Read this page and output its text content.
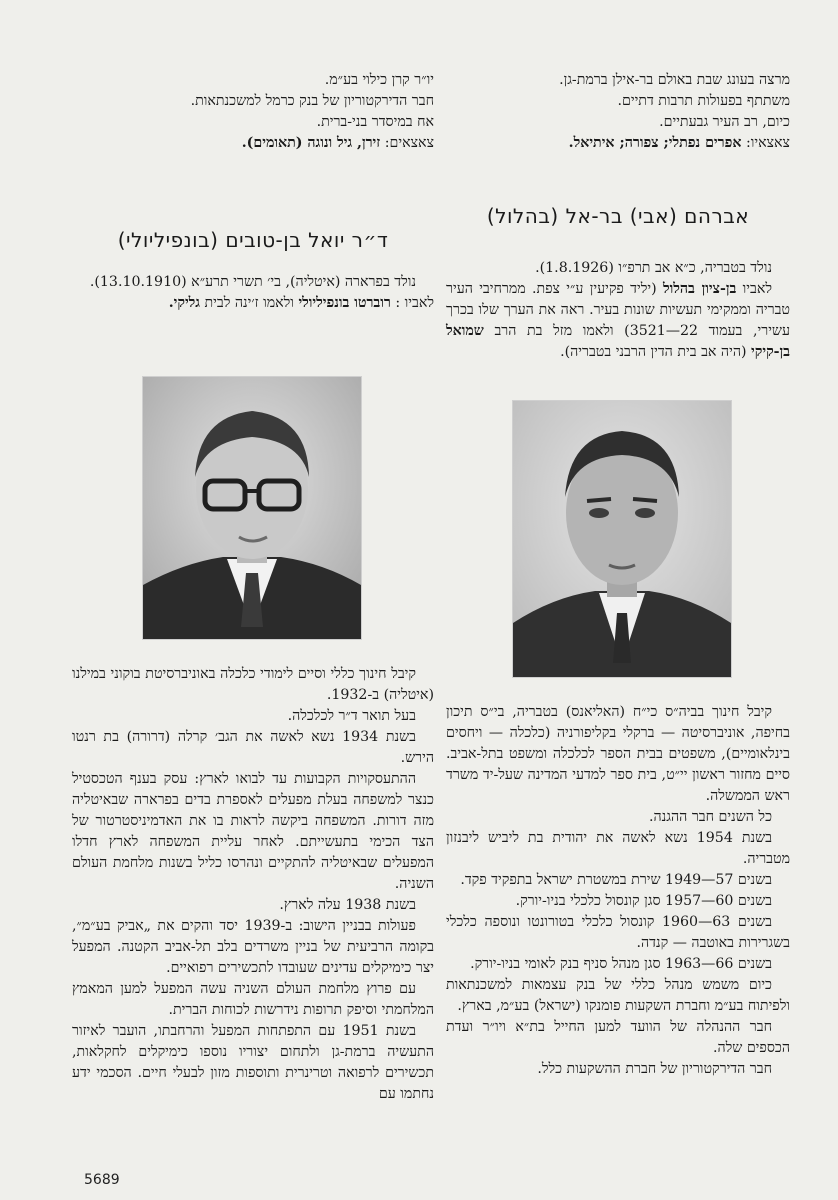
מרצה בעונג שבת באולם בר-אילן ברמת-גן.

משתתף בפעולות תרבות דתיים.

כיום, רב העיר גבעתיים.

צאצאיו: אפרים נפתלי; צפורה; איתיאל.

יו״ר קרן כילוי בע״מ.

חבר הדירקטוריון של בנק כרמל למשכנתאות.

אח במיסדר בני-ברית.

צאצאים: זירן, גיל ונוגה (תאומים).

אברהם (אבי) בר-אל (בהלול)
ד״ר יואל בן-טובים (בונפיליולי)

נולד בטבריה, כ״א אב תרפ״ו (1.8.1926).

לאביו בן-ציון בהלול (יליד פקיעין ע״י צפת. ממרחיבי העיר טבריה וממקימי תעשיות שונות בעיר. ראה את הערך שלו בכרך עשירי, בעמוד 22—3521) ולאמו מזל בת הרב שמואל בן-קיקי (היה אב בית הדין הרבני בטבריה).

נולד בפרארה (איטליה), בי׳ תשרי תרע״א (13.10.1910).

לאביו : רוברטו בונפיליולי ולאמו ז׳ינה לבית גליקי.

קיבל חינוך בביה״ס כי״ח (האליאנס) בטבריה, בי״ס תיכון בחיפה, אוניברסיטה — ברקלי בקליפורניה (כלכלה — ויחסים בינלאומיים), משפטים בבית הספר לכלכלה ומשפט בתל-אביב. סיים מחזור ראשון יי״ט, בית ספר למדעי המדינה שעל-יד משרד ראש הממשלה.

כל השנים חבר ההגנה.

בשנת 1954 נשא לאשה את יהודית בת ליביש ליבנזון מטבריה.

בשנים 57—1949 שירת במשטרת ישראל בתפקיד פקד.

בשנים 60—1957 סגן קונסול כלכלי בניו-יורק.

בשנים 63—1960 קונסול כלכלי בטורונטו ונוספה כלכלי בשגרירות באוטבה — קנדה.

בשנים 66—1963 סגן מנהל סניף בנק לאומי בניו-יורק.

כיום משמש מנהל כללי של בנק עצמאות למשכנתאות ולפיתוח בע״מ וחברת השקעות פומנקו (ישראל) בע״מ, בארץ.

חבר ההנהלה של הוועד למען החייל בת״א ויו״ר ועדת הכספים שלה.

חבר הדירקטוריון של חברת ההשקעות כלל.

קיבל חינוך כללי וסיים לימודי כלכלה באוניברסיטת בוקוני במילנו (איטליה) ב-1932.

בעל תואר ד״ר לכלכלה.

בשנת 1934 נשא לאשה את הגב׳ קרלה (דרורה) בת רנטו הירש.

ההתעסקויות הקבועות עד לבואו לארץ: עסק בענף הטכסטיל כנצר למשפחה בעלת מפעלים לאספרת בדים בפרארה שבאיטליה מזה דורות. המשפחה ביקשה לראות בו את האדמיניסטרטור של הצד הכימי בתעשייתם. לאחר עליית המשפחה לארץ חדלו המפעלים שבאיטליה להתקיים ונהרסו כליל בשנות מלחמת העולם השניה.

בשנת 1938 עלה לארץ.

פעולות בבניין הישוב: ב-1939 יסד והקים את „אביק בע״מ״, בקומה הרביעית של בניין משרדים בלב תל-אביב הקטנה. המפעל יצר כימיקלים עדינים שעובדו לתכשירים רפואיים.

עם פרוץ מלחמת העולם השניה עשה המפעל למען המאמץ המלחמתי וסיפק תרופות נידרשות לכוחות הברית.

בשנת 1951 עם התפתחות המפעל והרחבתו, הועבר לאיזור התעשיה ברמת-גן ולתחום יצוריו נוספו כימיקלים לחקלאות, תכשירים לרפואה וטרינרית ותוספות מזון לבעלי חיים. הסכמי ידע נחתמו עם

5689
